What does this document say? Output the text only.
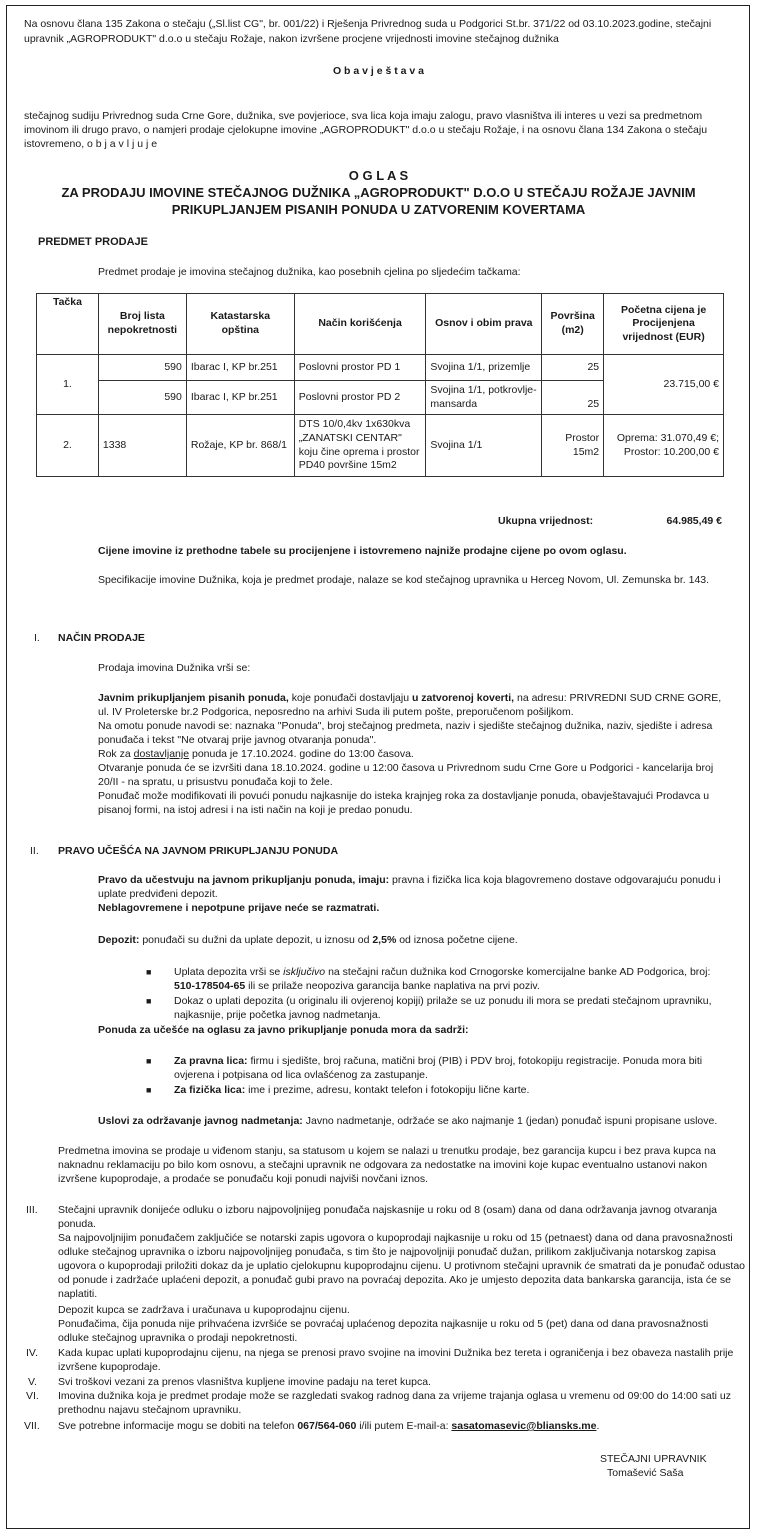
Na osnovu člana 135 Zakona o stečaju („Sl.list CG", br. 001/22) i Rješenja Privrednog suda u Podgorici St.br. 371/22 od 03.10.2023.godine, stečajni

upravnik „AGROPRODUKT" d.o.o u stečaju Rožaje, nakon izvršene procjene vrijednosti imovine stečajnog dužnika

O b a v j e š t a v a

stečajnog sudiju Privrednog suda Crne Gore, dužnika, sve povjerioce, sva lica koja imaju zalogu, pravo vlasništva ili interes u vezi sa predmetnom

imovinom ili drugo pravo, o namjeri prodaje cjelokupne imovine „AGROPRODUKT" d.o.o u stečaju Rožaje, i na osnovu člana 134 Zakona o stečaju

istovremeno, o b j a v l j u j e

O G L A S

ZA PRODAJU IMOVINE STEČAJNOG DUŽNIKA „AGROPRODUKT" D.O.O U STEČAJU ROŽAJE JAVNIM

PRIKUPLJANJEM PISANIH PONUDA U ZATVORENIM KOVERTAMA

PREDMET PRODAJE

Predmet prodaje je imovina stečajnog dužnika, kao posebnih cjelina po sljedećim tačkama:

Tačka	Broj lista nepokretnosti	Katastarska opština	Način korišćenja	Osnov i obim prava	Površina (m2)	Početna cijena je Procijenjena vrijednost (EUR)
1.	590	Ibarac I, KP br.251	Poslovni prostor PD 1	Svojina 1/1, prizemlje	25	23.715,00 €
	590	Ibarac I, KP br.251	Poslovni prostor PD 2	Svojina 1/1, potkrovlje-mansarda	25	
2.	1338	Rožaje, KP br. 868/1	DTS 10/0,4kv 1x630kva „ZANATSKI CENTAR" koju čine oprema i prostor PD40 površine 15m2	Svojina 1/1	Prostor 15m2	Oprema: 31.070,49 €; Prostor: 10.200,00 €

Ukupna vrijednost:	64.985,49 €

Cijene imovine iz prethodne tabele su procijenjene i istovremeno najniže prodajne cijene po ovom oglasu.

Specifikacije imovine Dužnika, koja je predmet prodaje, nalaze se kod stečajnog upravnika u Herceg Novom, Ul. Zemunska br. 143.

I.	NAČIN PRODAJE

Prodaja imovina Dužnika vrši se:

Javnim prikupljanjem pisanih ponuda, koje ponuđači dostavljaju u zatvorenoj koverti, na adresu: PRIVREDNI SUD CRNE GORE,

ul. IV Proleterske br.2 Podgorica, neposredno na arhivi Suda ili putem pošte, preporučenom pošiljkom.

Na omotu ponude navodi se: naznaka "Ponuda", broj stečajnog predmeta, naziv i sjedište stečajnog dužnika, naziv, sjedište i adresa

ponuđača i tekst "Ne otvaraj prije javnog otvaranja ponuda".

Rok za dostavljanje ponuda je 17.10.2024. godine do 13:00 časova.

Otvaranje ponuda će se izvršiti dana 18.10.2024. godine u 12:00 časova u Privrednom sudu Crne Gore u Podgorici - kancelarija broj

20/II - na spratu, u prisustvu ponuđača koji to žele.

Ponuđač može modifikovati ili povući ponudu najkasnije do isteka krajnjeg roka za dostavljanje ponuda, obavještavajući Prodavca u

pisanoj formi, na istoj adresi i na isti način na koji je predao ponudu.

II.	PRAVO UČEŠĆA NA JAVNOM PRIKUPLJANJU PONUDA

Pravo da učestvuju na javnom prikupljanju ponuda, imaju: pravna i fizička lica koja blagovremeno dostave odgovarajuću ponudu i

uplate predviđeni depozit.

Neblagovremene i nepotpune prijave neće se razmatrati.

Depozit: ponuđači su dužni da uplate depozit, u iznosu od 2,5% od iznosa početne cijene.

■ Uplata depozita vrši se isključivo na stečajni račun dužnika kod Crnogorske komercijalne banke AD Podgorica, broj:

510-178504-65 ili se prilaže neopoziva garancija banke naplativa na prvi poziv.

■ Dokaz o uplati depozita (u originalu ili ovjerenoj kopiji) prilaže se uz ponudu ili mora se predati stečajnom upravniku,

najkasnije, prije početka javnog nadmetanja.

Ponuda za učešće na oglasu za javno prikupljanje ponuda mora da sadrži:

■ Za pravna lica: firmu i sjedište, broj računa, matični broj (PIB) i PDV broj, fotokopiju registracije. Ponuda mora biti

ovjerena i potpisana od lica ovlašćenog za zastupanje.

■ Za fizička lica: ime i prezime, adresu, kontakt telefon i fotokopiju lične karte.

Uslovi za održavanje javnog nadmetanja: Javno nadmetanje, održaće se ako najmanje 1 (jedan) ponuđač ispuni propisane uslove.

Predmetna imovina se prodaje u viđenom stanju, sa statusom u kojem se nalazi u trenutku prodaje, bez garancija kupcu i bez prava kupca na

naknadnu reklamaciju po bilo kom osnovu, a stečajni upravnik ne odgovara za nedostatke na imovini koje kupac eventualno ustanovi nakon

izvršene kupoprodaje, a prodaće se ponuđaču koji ponudi najviši novčani iznos.

III.	Stečajni upravnik donijeće odluku o izboru najpovoljnijeg ponuđača najskasnije u roku od 8 (osam) dana od dana održavanja javnog otvaranja

ponuda.

Sa najpovoljnijim ponuđačem zaključiće se notarski zapis ugovora o kupoprodaji najkasnije u roku od 15 (petnaest) dana od dana pravosnažnosti

odluke stečajnog upravnika o izboru najpovoljnijeg ponuđača, s tim što je najpovoljniji ponuđač dužan, prilikom zaključivanja notarskog zapisa

ugovora o kupoprodaji priložiti dokaz da je uplatio cjelokupnu kupoprodajnu cijenu. U protivnom stečajni upravnik će smatrati da je ponuđač odustao

od ponude i zadržaće uplaćeni depozit, a ponuđač gubi pravo na povraćaj depozita. Ako je umjesto depozita data bankarska garancija, ista će se

naplatiti.

Depozit kupca se zadržava i uračunava u kupoprodajnu cijenu.

Ponuđačima, čija ponuda nije prihvaćena izvršiće se povraćaj uplaćenog depozita najkasnije u roku od 5 (pet) dana od dana pravosnažnosti

odluke stečajnog upravnika o prodaji nepokretnosti.

IV.	Kada kupac uplati kupoprodajnu cijenu, na njega se prenosi pravo svojine na imovini Dužnika bez tereta i ograničenja i bez obaveza nastalih prije

izvršene kupoprodaje.

V.	Svi troškovi vezani za prenos vlasništva kupljene imovine padaju na teret kupca.

VI.	Imovina dužnika koja je predmet prodaje može se razgledati svakog radnog dana za vrijeme trajanja oglasa u vremenu od 09:00 do 14:00 sati uz

prethodnu najavu stečajnom upravniku.

VII.	Sve potrebne informacije mogu se dobiti na telefon 067/564-060 i/ili putem E-mail-a: sasatomasevic@bliansks.me.

STEČAJNI UPRAVNIK

Tomašević Saša
